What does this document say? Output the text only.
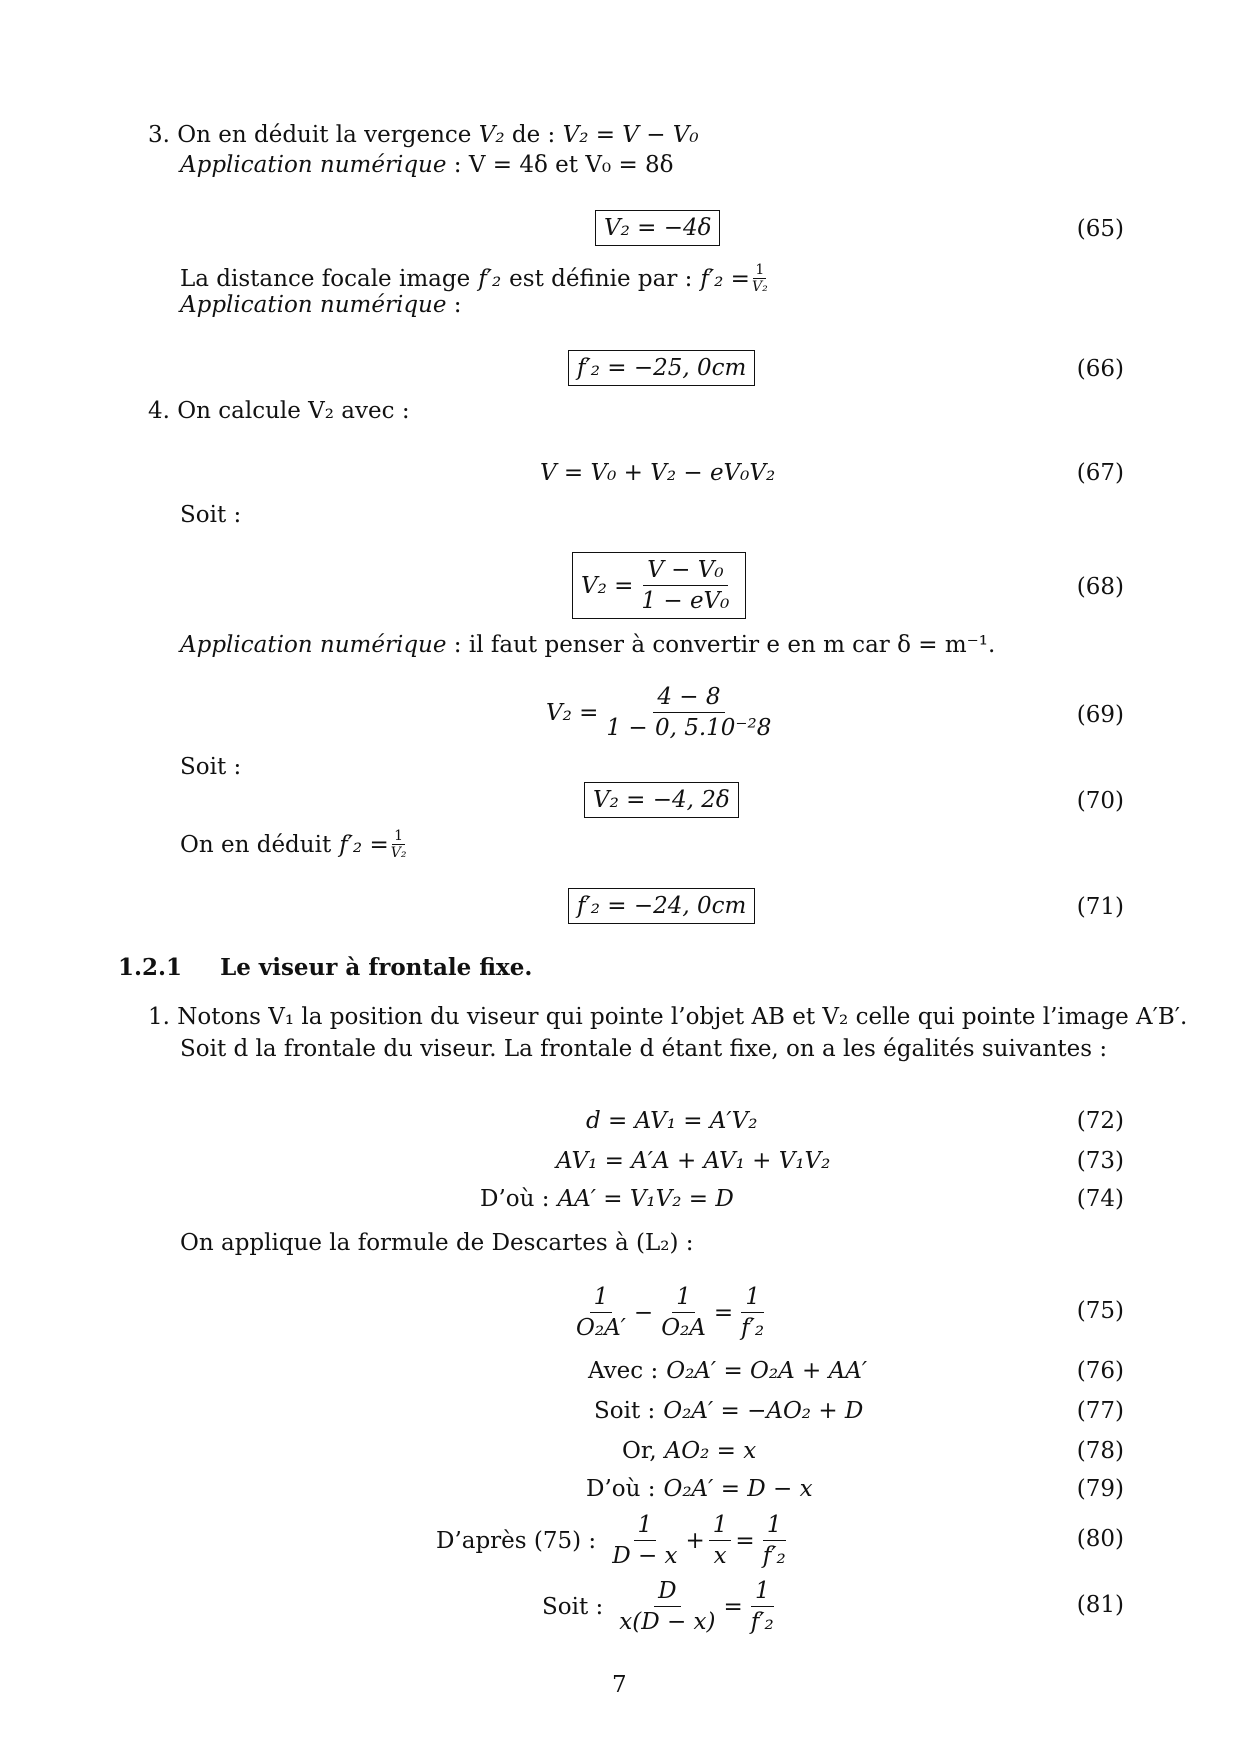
3. On en déduit la vergence V₂ de : V₂ = V − V₀
Application numérique : V = 4δ et V₀ = 8δ
V₂ = −4δ	(65)
La distance focale image f′₂ est définie par : $f'_2 = \frac{1}{\text{V₂}}$
Application numérique :
f′₂ = −25, 0cm	(66)
4. On calcule V₂ avec :
V = V₀ + V₂ − eV₀V₂	(67)
Soit :
$V_2 = \frac{\text{V − V₀}}{\text{1 − eV₀}}$	(68)
Application numérique : il faut penser à convertir e en m car δ = m⁻¹.
$V_2 = \frac{4 - 8}{\text{1 − 0, 5.10⁻²8}}$	(69)
Soit :
V₂ = −4, 2δ	(70)
On en déduit $f'_2 = \frac{1}{\text{V₂}}$
f′₂ = −24, 0cm	(71)
1.2.1 Le viseur à frontale fixe.
1. Notons V₁ la position du viseur qui pointe l’objet AB et V₂ celle qui pointe l’image A′B′.
Soit d la frontale du viseur. La frontale d étant fixe, on a les égalités suivantes :
d = AV₁ = A′V₂	(72)
AV₁ = A′A + AV₁ + V₁V₂	(73)
D’où : AA′ = V₁V₂ = D	(74)
On applique la formule de Descartes à (L₂) :
$\frac{1}{\text{O₂A′}} - \frac{1}{\text{O₂A}} = \frac{1}{\text{f′₂}}$	(75)
Avec : O₂A′ = O₂A + AA′	(76)
Soit : O₂A′ = −AO₂ + D	(77)
Or, AO₂ = x	(78)
D’où : O₂A′ = D − x	(79)
D’après (75) : $\frac{1}{D - x} + \frac{1}{x} = \frac{1}{\text{f′₂}}$	(80)
Soit : $\frac{D}{x(D - x)} = \frac{1}{\text{f′₂}}$	(81)
7
